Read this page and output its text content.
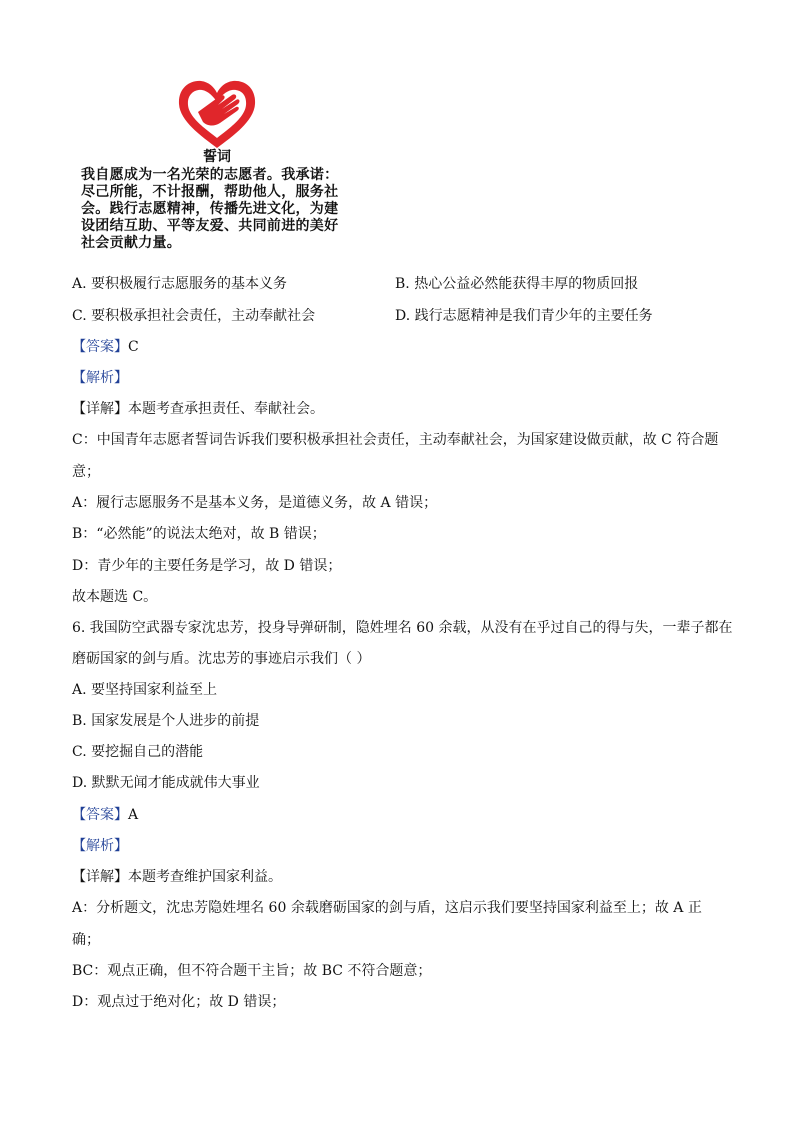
誓词
我自愿成为一名光荣的志愿者。我承诺：
尽己所能，不计报酬，帮助他人，服务社
会。践行志愿精神，传播先进文化，为建
设团结互助、平等友爱、共同前进的美好
社会贡献力量。
A. 要积极履行志愿服务的基本义务	B. 热心公益必然能获得丰厚的物质回报
C. 要积极承担社会责任，主动奉献社会	D. 践行志愿精神是我们青少年的主要任务
【答案】C
【解析】
【详解】本题考查承担责任、奉献社会。
C：中国青年志愿者誓词告诉我们要积极承担社会责任，主动奉献社会，为国家建设做贡献，故 C 符合题
意；
A：履行志愿服务不是基本义务，是道德义务，故 A 错误；
B：“必然能”的说法太绝对，故 B 错误；
D：青少年的主要任务是学习，故 D 错误；
故本题选 C。
6. 我国防空武器专家沈忠芳，投身导弹研制，隐姓埋名 60 余载，从没有在乎过自己的得与失，一辈子都在
磨砺国家的剑与盾。沈忠芳的事迹启示我们（ ）
A. 要坚持国家利益至上
B. 国家发展是个人进步的前提
C. 要挖掘自己的潜能
D. 默默无闻才能成就伟大事业
【答案】A
【解析】
【详解】本题考查维护国家利益。
A：分析题文，沈忠芳隐姓埋名 60 余载磨砺国家的剑与盾，这启示我们要坚持国家利益至上；故 A 正
确；
BC：观点正确，但不符合题干主旨；故 BC 不符合题意；
D：观点过于绝对化；故 D 错误；
